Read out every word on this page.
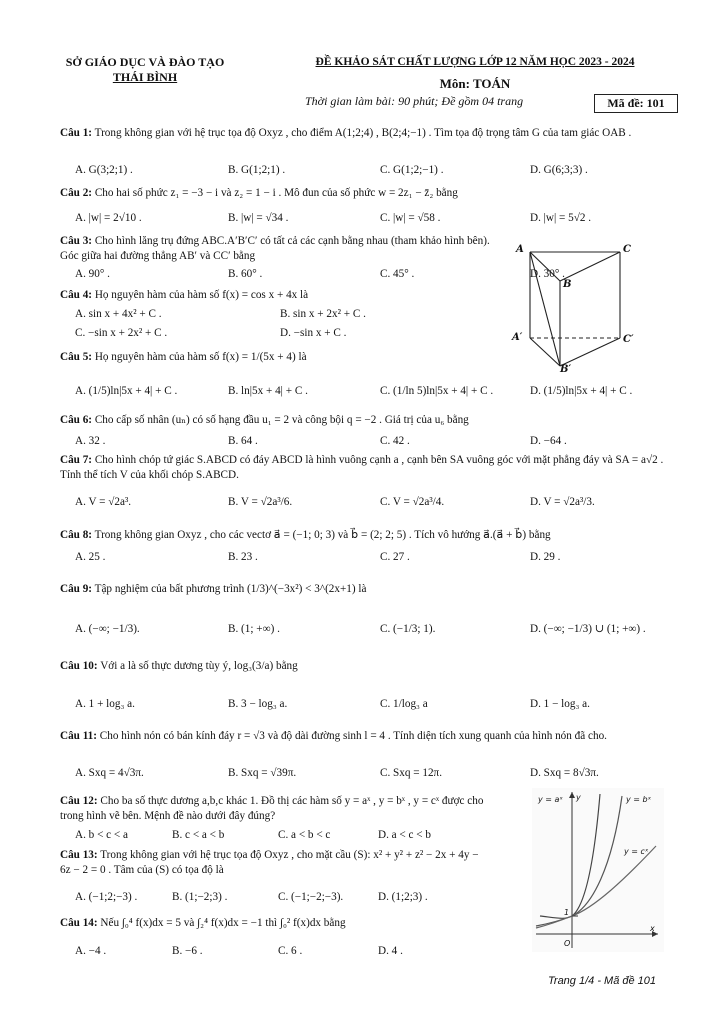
SỞ GIÁO DỤC VÀ ĐÀO TẠO
THÁI BÌNH
ĐỀ KHẢO SÁT CHẤT LƯỢNG LỚP 12 NĂM HỌC 2023 - 2024
Môn: TOÁN
Thời gian làm bài: 90 phút; Đề gồm 04 trang	Mã đề: 101
Câu 1: Trong không gian với hệ trục tọa độ Oxyz , cho điểm A(1;2;4) , B(2;4;−1) . Tìm tọa độ trọng tâm G của tam giác OAB .
A. G(3;2;1) .	B. G(1;2;1) .	C. G(1;2;−1) .	D. G(6;3;3) .
Câu 2: Cho hai số phức z₁ = −3 − i và z₂ = 1 − i . Mô đun của số phức w = 2z₁ − z̄₂ bằng
A. |w| = 2√10 .	B. |w| = √34 .	C. |w| = √58 .	D. |w| = 5√2 .
Câu 3: Cho hình lăng trụ đứng ABC.A′B′C′ có tất cả các cạnh bằng nhau (tham khảo hình bên). Góc giữa hai đường thẳng AB′ và CC′ bằng
A. 90° .	B. 60° .	C. 45° .	D. 30° .
Câu 4: Họ nguyên hàm của hàm số f(x) = cos x + 4x là
A. sin x + 4x² + C .	B. sin x + 2x² + C .
C. −sin x + 2x² + C .	D. −sin x + C .
Câu 5: Họ nguyên hàm của hàm số f(x) = 1/(5x + 4) là
A. (1/5)ln|5x + 4| + C .	B. ln|5x + 4| + C .	C. (1/ln 5)ln|5x + 4| + C .	D. (1/5)ln|5x + 4| + C .
Câu 6: Cho cấp số nhân (uₙ) có số hạng đầu u₁ = 2 và công bội q = −2 . Giá trị của u₆ bằng
A. 32 .	B. 64 .	C. 42 .	D. −64 .
Câu 7: Cho hình chóp tứ giác S.ABCD có đáy ABCD là hình vuông cạnh a , cạnh bên SA vuông góc với mặt phẳng đáy và SA = a√2 . Tính thể tích V của khối chóp S.ABCD.
A. V = √2a³.	B. V = √2a³/6.	C. V = √2a³/4.	D. V = √2a³/3.
Câu 8: Trong không gian Oxyz , cho các vectơ a⃗ = (−1; 0; 3) và b⃗ = (2; 2; 5) . Tích vô hướng a⃗.(a⃗ + b⃗) bằng
A. 25 .	B. 23 .	C. 27 .	D. 29 .
Câu 9: Tập nghiệm của bất phương trình (1/3)^(−3x²) < 3^(2x+1) là
A. (−∞; −1/3).	B. (1; +∞) .	C. (−1/3; 1).	D. (−∞; −1/3) ∪ (1; +∞) .
Câu 10: Với a là số thực dương tùy ý, log₃(3/a) bằng
A. 1 + log₃ a.	B. 3 − log₃ a.	C. 1/log₃ a	D. 1 − log₃ a.
Câu 11: Cho hình nón có bán kính đáy r = √3 và độ dài đường sinh l = 4 . Tính diện tích xung quanh của hình nón đã cho.
A. Sxq = 4√3π.	B. Sxq = √39π.	C. Sxq = 12π.	D. Sxq = 8√3π.
Câu 12: Cho ba số thực dương a,b,c khác 1. Đồ thị các hàm số y = aˣ , y = bˣ , y = cˣ được cho trong hình vẽ bên. Mệnh đề nào dưới đây đúng?
A. b < c < a	B. c < a < b	C. a < b < c	D. a < c < b
Câu 13: Trong không gian với hệ trục tọa độ Oxyz , cho mặt cầu (S): x² + y² + z² − 2x + 4y − 6z − 2 = 0 . Tâm của (S) có tọa độ là
A. (−1;2;−3) .	B. (1;−2;3) .	C. (−1;−2;−3).	D. (1;2;3) .
Câu 14: Nếu ∫₀⁴ f(x)dx = 5 và ∫₂⁴ f(x)dx = −1 thì ∫₀² f(x)dx bằng
A. −4 .	B. −6 .	C. 6 .	D. 4 .
A
B
C
A′
B′
C′
y = aˣ	y = bˣ
y = cˣ
y
x
O
1
Trang 1/4 - Mã đề 101
